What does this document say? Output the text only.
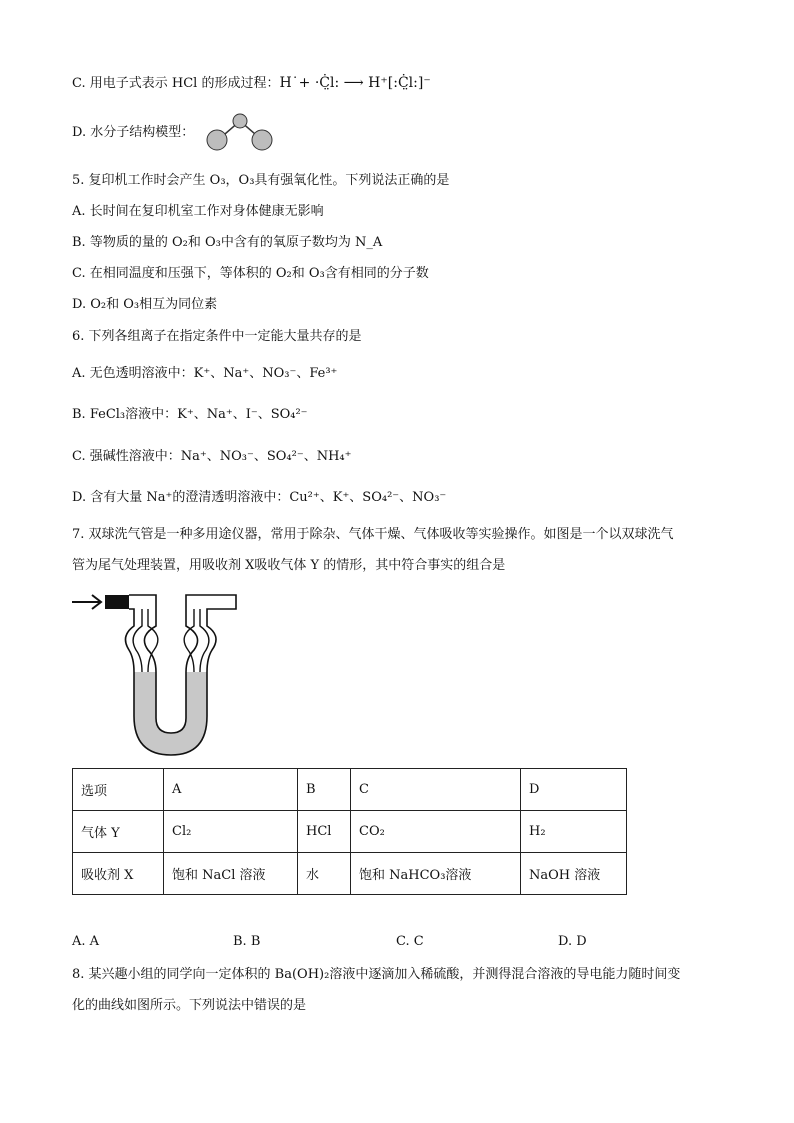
C. 用电子式表示 HCl 的形成过程：H˙+ ·Ċ̤l: ⟶ H⁺[:Ċ̤l:]⁻
D. 水分子结构模型：
5. 复印机工作时会产生 O₃，O₃具有强氧化性。下列说法正确的是
A. 长时间在复印机室工作对身体健康无影响
B. 等物质的量的 O₂和 O₃中含有的氧原子数均为 N_A
C. 在相同温度和压强下，等体积的 O₂和 O₃含有相同的分子数
D. O₂和 O₃相互为同位素
6. 下列各组离子在指定条件中一定能大量共存的是
A. 无色透明溶液中：K⁺、Na⁺、NO₃⁻、Fe³⁺
B. FeCl₃溶液中：K⁺、Na⁺、I⁻、SO₄²⁻
C. 强碱性溶液中：Na⁺、NO₃⁻、SO₄²⁻、NH₄⁺
D. 含有大量 Na⁺的澄清透明溶液中：Cu²⁺、K⁺、SO₄²⁻、NO₃⁻
7. 双球洗气管是一种多用途仪器，常用于除杂、气体干燥、气体吸收等实验操作。如图是一个以双球洗气
管为尾气处理装置，用吸收剂 X吸收气体 Y 的情形，其中符合事实的组合是
选项	A	B	C	D
气体 Y	Cl₂	HCl	CO₂	H₂
吸收剂 X	饱和 NaCl 溶液	水	饱和 NaHCO₃溶液	NaOH 溶液
A. A	B. B	C. C	D. D
8. 某兴趣小组的同学向一定体积的 Ba(OH)₂溶液中逐滴加入稀硫酸，并测得混合溶液的导电能力随时间变
化的曲线如图所示。下列说法中错误的是
